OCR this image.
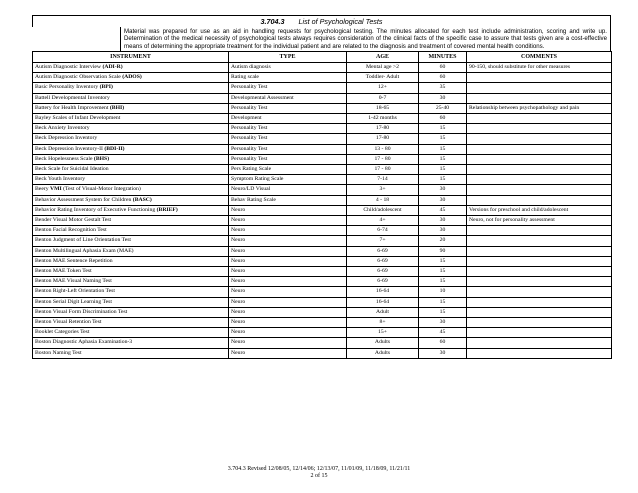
3.704.3 List of Psychological Tests
Material was prepared for use as an aid in handling requests for psychological testing. The minutes allocated for each test include administration, scoring and write up. Determination of the medical necessity of psychological tests always requires consideration of the clinical facts of the specific case to assure that tests given are a cost-effective means of determining the appropriate treatment for the individual patient and are related to the diagnosis and treatment of covered mental health conditions.
INSTRUMENT	TYPE	AGE	MINUTES	COMMENTS
Autism Diagnostic Interview (ADI-R)	Autism diagnosis	Mental age >2	60	90-150, should substitute for other measures
Autism Diagnostic Observation Scale (ADOS)	Rating scale	Toddler- Adult	60	
Basic Personality Inventory (BPI)	Personality Test	12+	35	
Battell Developmental Inventory	Developmental Assessment	0-7	30	
Battery for Health Improvement (BHI)	Personality Test	18-65	25-40	Relationship between psychopathology and pain
Bayley Scales of Infant Development	Development	1-42 months	60	
Beck Anxiety Inventory	Personality Test	17-80	15	
Beck Depression Inventory	Personality Test	17-80	15	
Beck Depression Inventory-II (BDI-II)	Personality Test	13 - 80	15	
Beck Hopelessness Scale (BHS)	Personality Test	17 - 80	15	
Beck Scale for Suicidal Ideation	Pers Rating Scale	17 - 80	15	
Beck Youth Inventory	Symptom Rating Scale	7-14	15	
Beery VMI (Test of Visual-Motor Integration)	Neuro/LD Visual	3+	30	
Behavior Assessment System for Children (BASC)	Behav Rating Scale	4 - 18	30	
Behavior Rating Inventory of Executive Functioning (BRIEF)	Neuro	Child/adolescent	45	Versions for preschool and child/adolescent
Bender Visual Motor Gestalt Test	Neuro	4+	30	Neuro, not for personality assessment
Benton Facial Recognition Test	Neuro	6-74	30	
Benton Judgment of Line Orientation Test	Neuro	7+	20	
Benton Multilingual Aphasia Exam (MAE)	Neuro	6-69	90	
Benton MAE Sentence Repetition	Neuro	6-69	15	
Benton MAE Token Test	Neuro	6-69	15	
Benton MAE Visual Naming Test	Neuro	6-69	15	
Benton Right-Left Orientation Test	Neuro	16-64	10	
Benton Serial Digit Learning Test	Neuro	16-64	15	
Benton Visual Form Discrimination Test	Neuro	Adult	15	
Benton Visual Retention Test	Neuro	8+	30	
Booklet Categories Test	Neuro	15+	45	
Boston Diagnostic Aphasia Examination-3	Neuro	Adults	60	
Boston Naming Test	Neuro	Adults	30	
3.704.3 Revised 12/08/05, 12/14/06; 12/13/07, 11/01/09, 11/18/09, 11/21/11
2 of 15
